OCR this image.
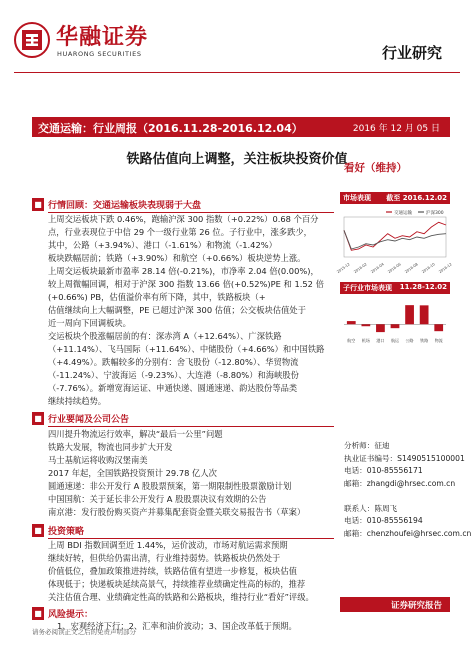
华融证券
HUARONG SECURITIES	行业研究
交通运输：行业周报（2016.11.28-2016.12.04）	2016 年 12 月 05 日
铁路估值向上调整，关注板块投资价值
看好（维持）
■ 行情回顾：交通运输板块表现弱于大盘

上周交运板块下跌 0.46%，跑输沪深 300 指数（+0.22%）0.68 个百分

点，行业表现位于中信 29 个一级行业第 26 位。子行业中，涨多跌少，

其中，公路（+3.94%）、港口（-1.61%）和物流（-1.42%）

板块跌幅居前；铁路（+3.90%）和航空（+0.66%）板块逆势上涨。

上周交运板块最新市盈率 28.14 倍(-0.21%)，市净率 2.04 倍(0.00%)，

较上周微幅回调，相对于沪深 300 指数 13.66 倍(+0.52%)PE 和 1.52 倍

(+0.66%) PB，估值溢价率有所下降，其中，铁路板块（+

估值继续向上大幅调整，PE 已超过沪深 300 估值；公交板块估值处于

近一周向下回调板块。

交运板块个股涨幅居前的有：深赤湾 A（+12.64%）、广深铁路

（+11.14%）、飞马国际（+11.64%）、中储股份（+4.66%）和中国铁路

（+4.49%）。跌幅较多的分别有：舍飞股份（-12.80%）、华贸物流

（-11.24%）、宁波海运（-9.23%）、大连港（-8.80%）和海峡股份

（-7.76%）。新增宽海运证、申通快递、圆通速递、韵达股份等品类

继续持续趋势。

■ 行业要闻及公司公告

四川提升物流运行效率，解决“最后一公里”问题

铁路大发展，物流也同步扩大开发

马士基航运将收购汉堡南美

2017 年起，全国铁路投资预计 29.78 亿人次

圆通速递：非公开发行 A 股股票预案，第一期限制性股票激励计划

中国国航：关于延长非公开发行 A 股股票决议有效期的公告

南京港：发行股份购买资产并募集配套资金暨关联交易报告书（草案）

■ 投资策略

上周 BDI 指数回调至近 1.44%，运价波动，市场对航运需求预期

继续好转，但供给仍需出清，行业维持弱势。铁路板块仍然处于

价值低位，叠加政策推进持续，铁路估值有望进一步修复，板块估值

体现低于；快递板块延续高景气，持续推荐业绩确定性高的标的，推荐

关注估值合理、业绩确定性高的铁路和公路板块，维持行业“看好”评级。

■ 风险提示：

1、宏观经济下行；2、汇率和油价波动；3、国企改革低于预期。

市场表现 截至 2016.12.02
交通运输	沪深300
2015-12 2016-02 2016-04 2016-06 2016-08 2016-10 2016-12
子行业市场表现 11.28-12.02
航空 机场 港口 航运 公路 铁路 物流
分析师：征迪
执业证书编号：S1490515100001
电话：010-85556171
邮箱：zhangdi@hrsec.com.cn
联系人：陈周飞
电话：010-85556194
邮箱：chenzhoufei@hrsec.com.cn
证券研究报告
请务必阅读正文之后的免责声明部分
